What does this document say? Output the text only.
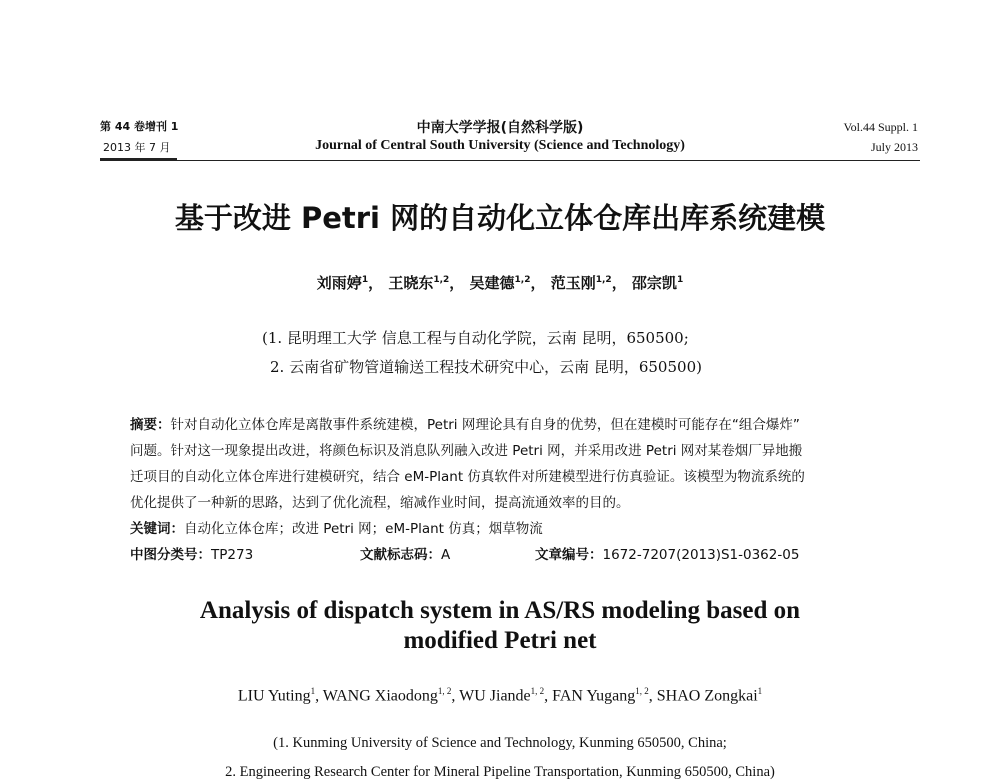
第 44 卷增刊 1
2013 年 7 月
中南大学学报(自然科学版)
Journal of Central South University (Science and Technology)
Vol.44 Suppl. 1
July 2013
基于改进 Petri 网的自动化立体仓库出库系统建模
刘雨婷$^1$， 王晓东$^{1,2}$， 吴建德$^{1,2}$， 范玉刚$^{1,2}$， 邵宗凯$^1$
(1. 昆明理工大学 信息工程与自动化学院，云南 昆明，650500;
2. 云南省矿物管道输送工程技术研究中心，云南 昆明，650500)

摘要：针对自动化立体仓库是离散事件系统建模，Petri 网理论具有自身的优势，但在建模时可能存在“组合爆炸”

问题。针对这一现象提出改进，将颜色标识及消息队列融入改进 Petri 网，并采用改进 Petri 网对某卷烟厂异地搬

迁项目的自动化立体仓库进行建模研究，结合 eM-Plant 仿真软件对所建模型进行仿真验证。该模型为物流系统的

优化提供了一种新的思路，达到了优化流程，缩减作业时间，提高流通效率的目的。

关键词：自动化立体仓库；改进 Petri 网；eM-Plant 仿真；烟草物流

中图分类号：TP273	文献标志码：A	文章编号：1672-7207(2013)S1-0362-05

Analysis of dispatch system in AS/RS modeling based on
modified Petri net
LIU Yuting$^1$, WANG Xiaodong$^{1, 2}$, WU Jiande$^{1, 2}$, FAN Yugang$^{1, 2}$, SHAO Zongkai$^1$
(1. Kunming University of Science and Technology, Kunming 650500, China;
2. Engineering Research Center for Mineral Pipeline Transportation, Kunming 650500, China)
